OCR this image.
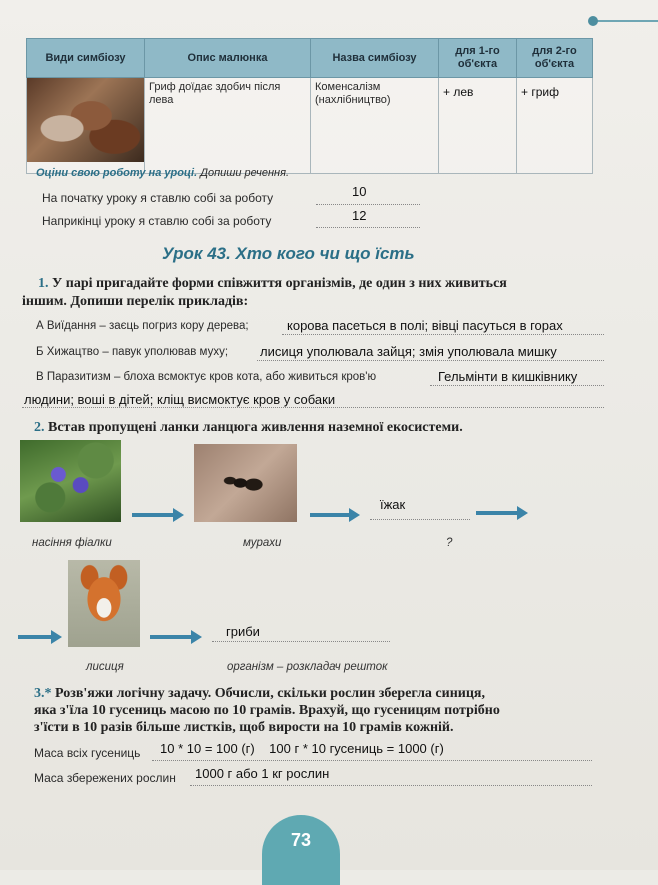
Види симбіозу	Опис малюнка	Назва симбіозу	для 1-го об'єкта	для 2-го об'єкта

	Гриф доїдає здобич після лева	Коменсалізм (нахлібництво)	+ лев	+ гриф
Оціни свою роботу на уроці. Допиши речення.
На початку уроку я ставлю собі за роботу	10
Наприкінці уроку я ставлю собі за роботу	12
Урок 43. Хто кого чи що їсть
1. У парі пригадайте форми співжиття організмів, де один з них живиться
іншим. Допиши перелік прикладів:
А Виїдання – заєць погриз кору дерева;	корова пасеться в полі; вівці пасуться в горах
Б Хижацтво – павук уполював муху; лисиця уполювала зайця; змія уполювала мишку
В Паразитизм – блоха всмоктує кров кота, або живиться кров'ю	Гельмінти в кишківнику
людини; воші в дітей; кліщ висмоктує кров у собаки
2. Встав пропущені ланки ланцюга живлення наземної екосистеми.
їжак
насіння фіалки	мурахи	?
гриби
лисиця	організм – розкладач решток
3.* Розв'яжи логічну задачу. Обчисли, скільки рослин зберегла синиця,
яка з'їла 10 гусениць масою по 10 грамів. Врахуй, що гусеницям потрібно
з'їсти в 10 разів більше листків, щоб вирости на 10 грамів кожній.
Маса всіх гусениць 10 * 10 = 100 (г)    100 г * 10 гусениць = 1000 (г)
Маса збережених рослин 1000 г або 1 кг рослин
73
